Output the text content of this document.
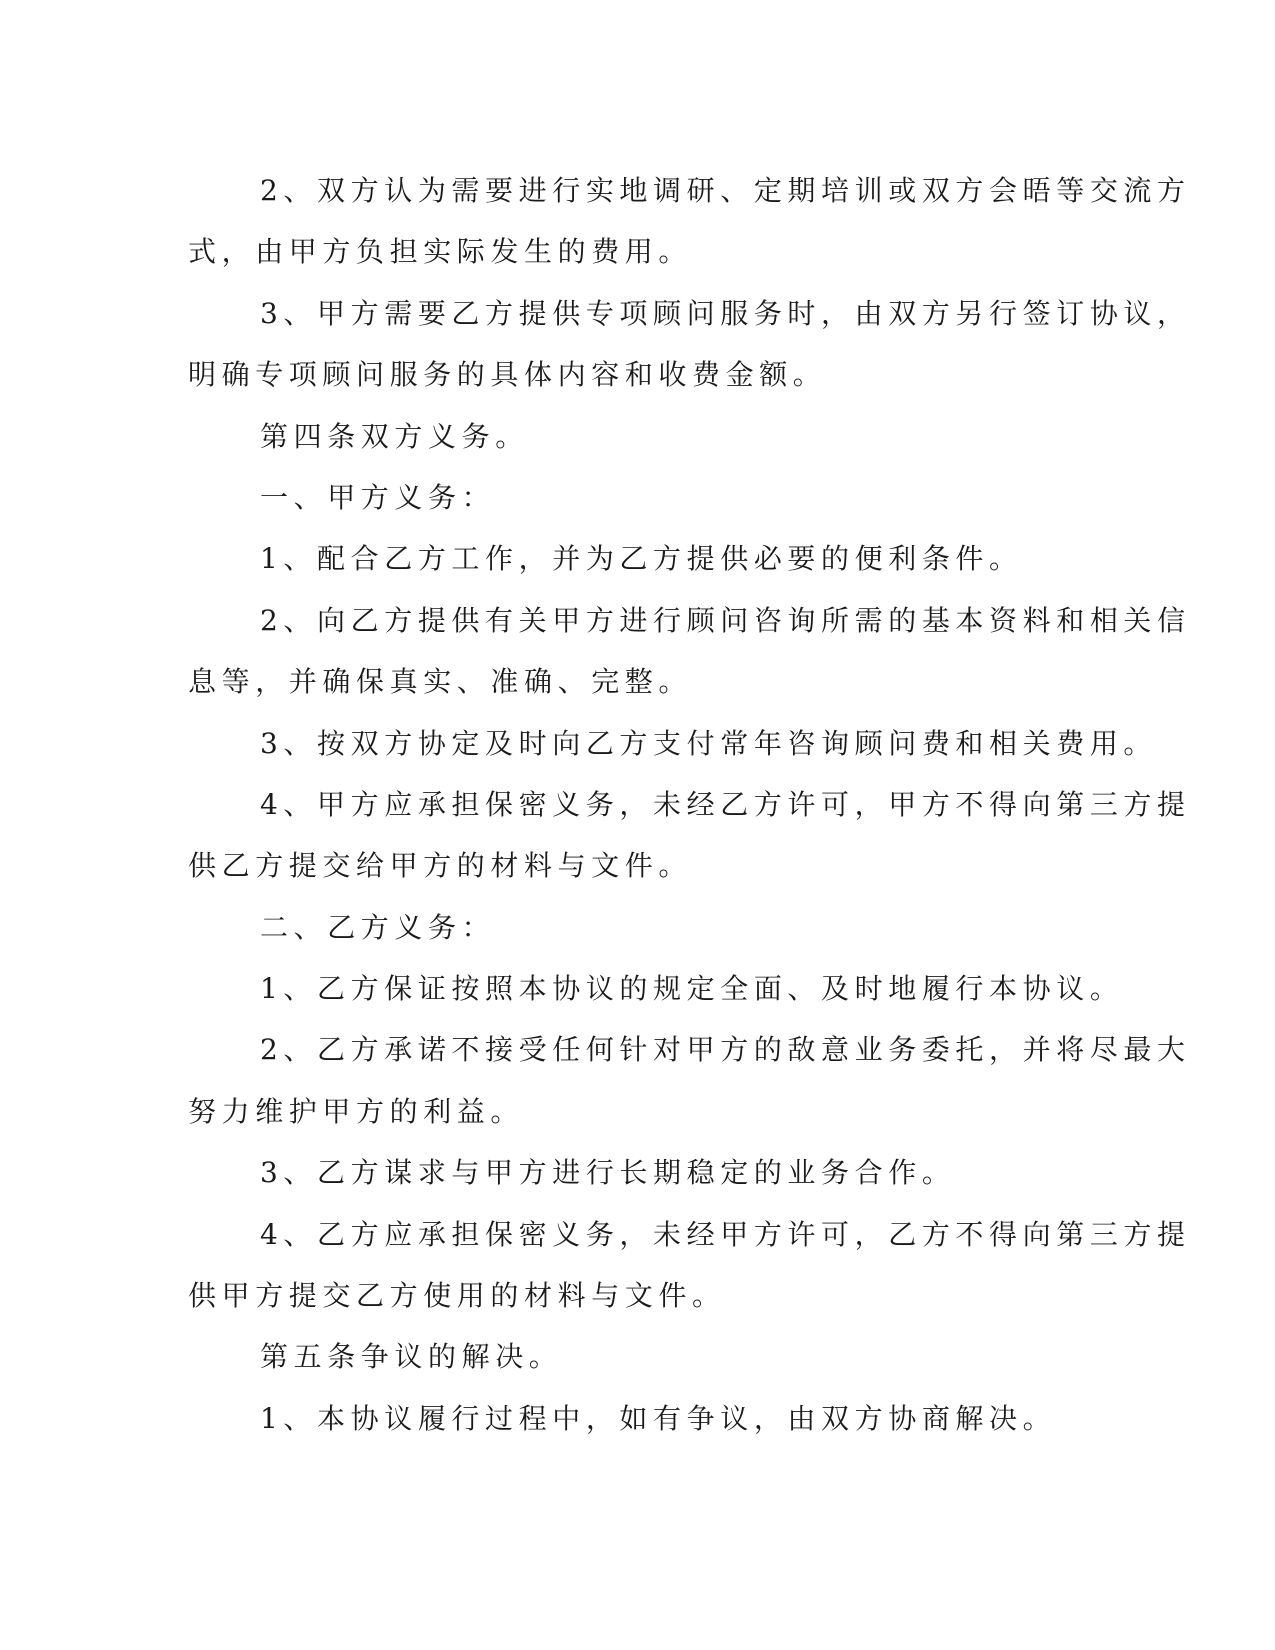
2、双方认为需要进行实地调研、定期培训或双方会晤等交流方
式，由甲方负担实际发生的费用。
3、甲方需要乙方提供专项顾问服务时，由双方另行签订协议，
明确专项顾问服务的具体内容和收费金额。
第四条双方义务。
一、甲方义务：
1、配合乙方工作，并为乙方提供必要的便利条件。
2、向乙方提供有关甲方进行顾问咨询所需的基本资料和相关信
息等，并确保真实、准确、完整。
3、按双方协定及时向乙方支付常年咨询顾问费和相关费用。
4、甲方应承担保密义务，未经乙方许可，甲方不得向第三方提
供乙方提交给甲方的材料与文件。
二、乙方义务：
1、乙方保证按照本协议的规定全面、及时地履行本协议。
2、乙方承诺不接受任何针对甲方的敌意业务委托，并将尽最大
努力维护甲方的利益。
3、乙方谋求与甲方进行长期稳定的业务合作。
4、乙方应承担保密义务，未经甲方许可，乙方不得向第三方提
供甲方提交乙方使用的材料与文件。
第五条争议的解决。
1、本协议履行过程中，如有争议，由双方协商解决。
